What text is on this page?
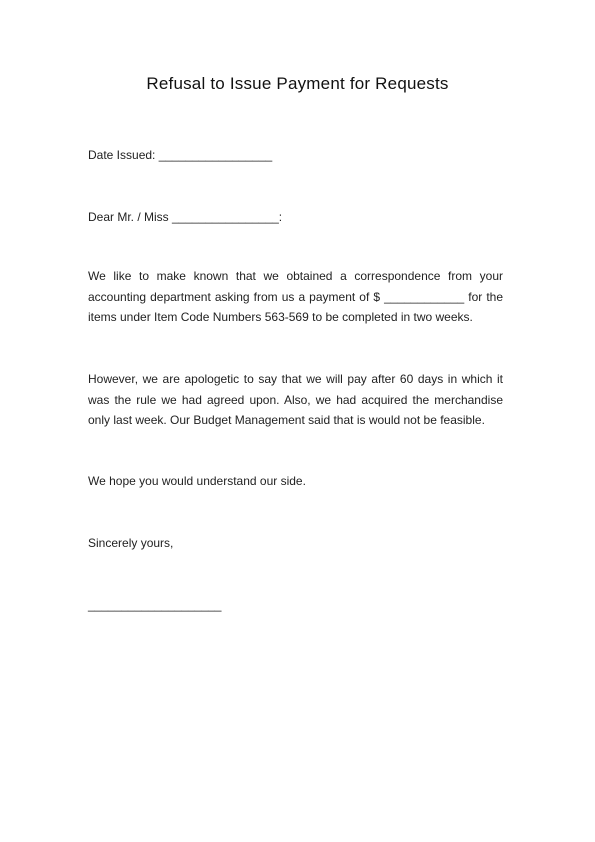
Refusal to Issue Payment for Requests
Date Issued: _________________
Dear Mr. / Miss ________________:
We like to make known that we obtained a correspondence from your accounting department asking from us a payment of $ ____________ for the items under Item Code Numbers 563-569 to be completed in two weeks.
However, we are apologetic to say that we will pay after 60 days in which it was the rule we had agreed upon. Also, we had acquired the merchandise only last week. Our Budget Management said that is would not be feasible.
We hope you would understand our side.
Sincerely yours,
____________________
